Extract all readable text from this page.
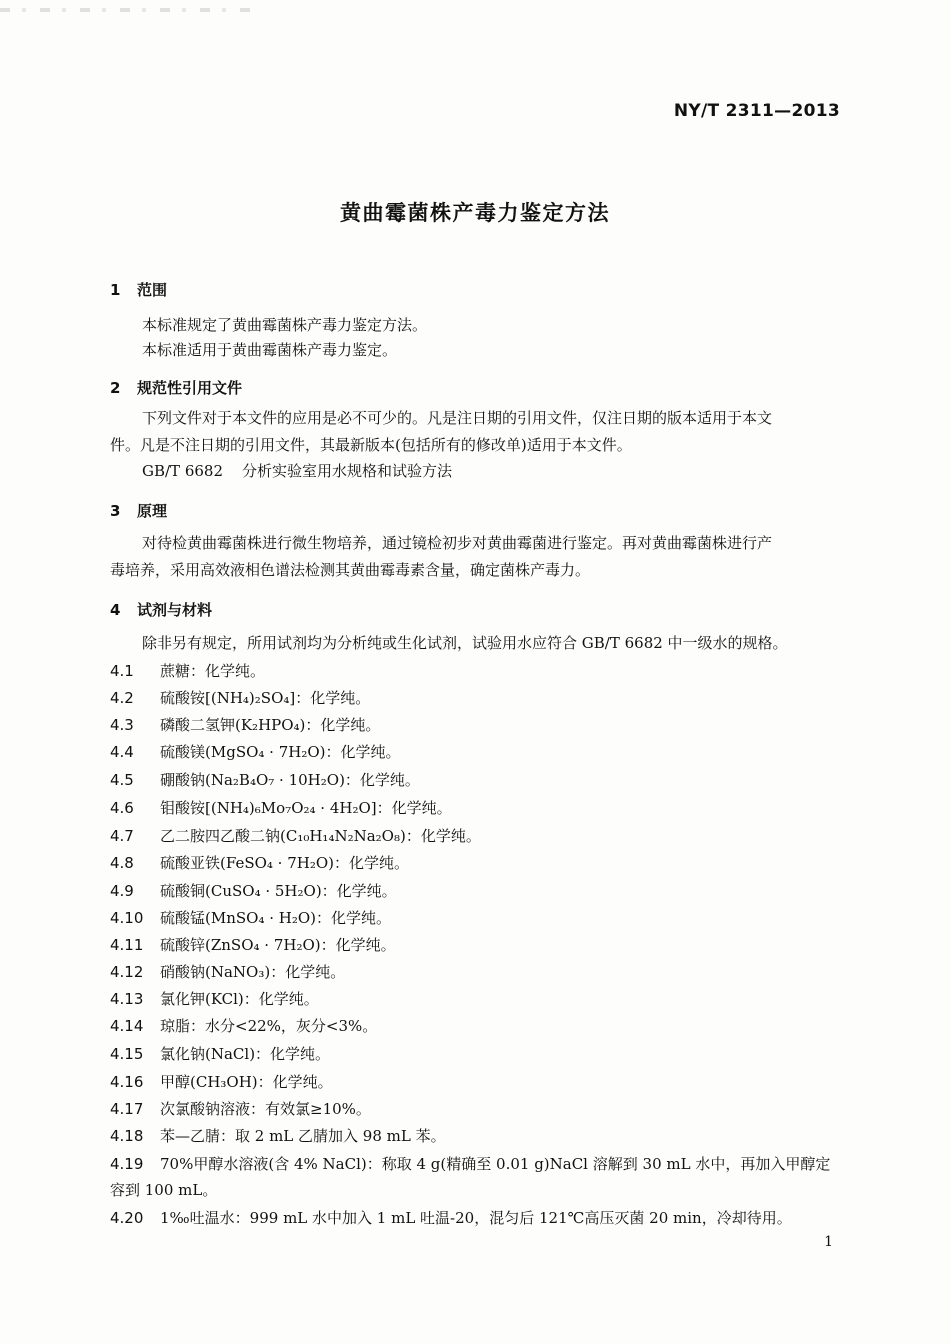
NY/T 2311—2013
黄曲霉菌株产毒力鉴定方法
1 范围
本标准规定了黄曲霉菌株产毒力鉴定方法。
本标准适用于黄曲霉菌株产毒力鉴定。
2 规范性引用文件
下列文件对于本文件的应用是必不可少的。凡是注日期的引用文件，仅注日期的版本适用于本文
件。凡是不注日期的引用文件，其最新版本(包括所有的修改单)适用于本文件。
GB/T 6682 分析实验室用水规格和试验方法
3 原理
对待检黄曲霉菌株进行微生物培养，通过镜检初步对黄曲霉菌进行鉴定。再对黄曲霉菌株进行产
毒培养，采用高效液相色谱法检测其黄曲霉毒素含量，确定菌株产毒力。
4 试剂与材料
除非另有规定，所用试剂均为分析纯或生化试剂，试验用水应符合 GB/T 6682 中一级水的规格。
4.1 蔗糖：化学纯。
4.2 硫酸铵[(NH₄)₂SO₄]：化学纯。
4.3 磷酸二氢钾(K₂HPO₄)：化学纯。
4.4 硫酸镁(MgSO₄ · 7H₂O)：化学纯。
4.5 硼酸钠(Na₂B₄O₇ · 10H₂O)：化学纯。
4.6 钼酸铵[(NH₄)₆Mo₇O₂₄ · 4H₂O]：化学纯。
4.7 乙二胺四乙酸二钠(C₁₀H₁₄N₂Na₂O₈)：化学纯。
4.8 硫酸亚铁(FeSO₄ · 7H₂O)：化学纯。
4.9 硫酸铜(CuSO₄ · 5H₂O)：化学纯。
4.10 硫酸锰(MnSO₄ · H₂O)：化学纯。
4.11 硫酸锌(ZnSO₄ · 7H₂O)：化学纯。
4.12 硝酸钠(NaNO₃)：化学纯。
4.13 氯化钾(KCl)：化学纯。
4.14 琼脂：水分<22%，灰分<3%。
4.15 氯化钠(NaCl)：化学纯。
4.16 甲醇(CH₃OH)：化学纯。
4.17 次氯酸钠溶液：有效氯≥10%。
4.18 苯—乙腈：取 2 mL 乙腈加入 98 mL 苯。
4.19 70%甲醇水溶液(含 4% NaCl)：称取 4 g(精确至 0.01 g)NaCl 溶解到 30 mL 水中，再加入甲醇定
容到 100 mL。
4.20 1‰吐温水：999 mL 水中加入 1 mL 吐温-20，混匀后 121℃高压灭菌 20 min，冷却待用。
1
